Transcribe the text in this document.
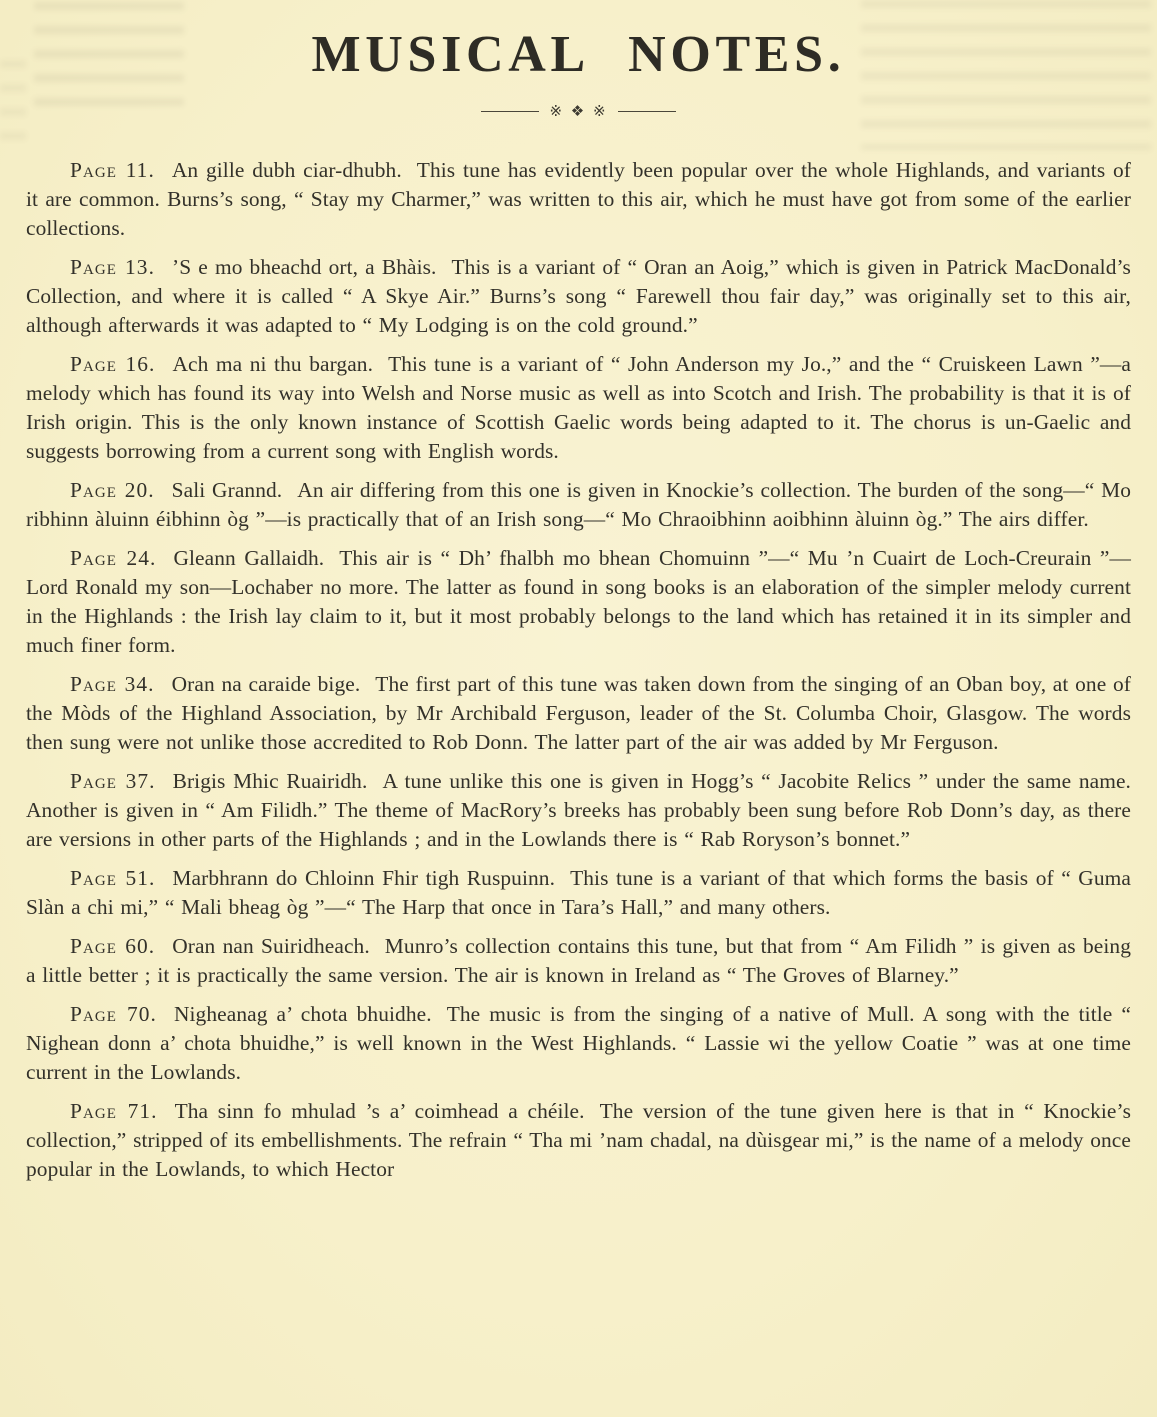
MUSICAL NOTES.
※ ❖ ※

Page 11. An gille dubh ciar-dhubh. This tune has evidently been popular over the whole Highlands, and variants of it are common. Burns’s song, “ Stay my Charmer,” was written to this air, which he must have got from some of the earlier collections.

Page 13. ’S e mo bheachd ort, a Bhàis. This is a variant of “ Oran an Aoig,” which is given in Patrick MacDonald’s Collection, and where it is called “ A Skye Air.” Burns’s song “ Farewell thou fair day,” was originally set to this air, although afterwards it was adapted to “ My Lodging is on the cold ground.”

Page 16. Ach ma ni thu bargan. This tune is a variant of “ John Anderson my Jo.,” and the “ Cruiskeen Lawn ”—a melody which has found its way into Welsh and Norse music as well as into Scotch and Irish. The probability is that it is of Irish origin. This is the only known instance of Scottish Gaelic words being adapted to it. The chorus is un-Gaelic and suggests borrowing from a current song with English words.

Page 20. Sali Grannd. An air differing from this one is given in Knockie’s collection. The burden of the song—“ Mo ribhinn àluinn éibhinn òg ”—is practically that of an Irish song—“ Mo Chraoibhinn aoibhinn àluinn òg.” The airs differ.

Page 24. Gleann Gallaidh. This air is “ Dh’ fhalbh mo bhean Chomuinn ”—“ Mu ’n Cuairt de Loch-Creurain ”—Lord Ronald my son—Lochaber no more. The latter as found in song books is an elaboration of the simpler melody current in the Highlands : the Irish lay claim to it, but it most probably belongs to the land which has retained it in its simpler and much finer form.

Page 34. Oran na caraide bige. The first part of this tune was taken down from the singing of an Oban boy, at one of the Mòds of the Highland Association, by Mr Archibald Ferguson, leader of the St. Columba Choir, Glasgow. The words then sung were not unlike those accredited to Rob Donn. The latter part of the air was added by Mr Ferguson.

Page 37. Brigis Mhic Ruairidh. A tune unlike this one is given in Hogg’s “ Jacobite Relics ” under the same name. Another is given in “ Am Filidh.” The theme of MacRory’s breeks has probably been sung before Rob Donn’s day, as there are versions in other parts of the Highlands ; and in the Lowlands there is “ Rab Roryson’s bonnet.”

Page 51. Marbhrann do Chloinn Fhir tigh Ruspuinn. This tune is a variant of that which forms the basis of “ Guma Slàn a chi mi,” “ Mali bheag òg ”—“ The Harp that once in Tara’s Hall,” and many others.

Page 60. Oran nan Suiridheach. Munro’s collection contains this tune, but that from “ Am Filidh ” is given as being a little better ; it is practically the same version. The air is known in Ireland as “ The Groves of Blarney.”

Page 70. Nigheanag a’ chota bhuidhe. The music is from the singing of a native of Mull. A song with the title “ Nighean donn a’ chota bhuidhe,” is well known in the West Highlands. “ Lassie wi the yellow Coatie ” was at one time current in the Lowlands.

Page 71. Tha sinn fo mhulad ’s a’ coimhead a chéile. The version of the tune given here is that in “ Knockie’s collection,” stripped of its embellishments. The refrain “ Tha mi ’nam chadal, na dùisgear mi,” is the name of a melody once popular in the Lowlands, to which Hector
